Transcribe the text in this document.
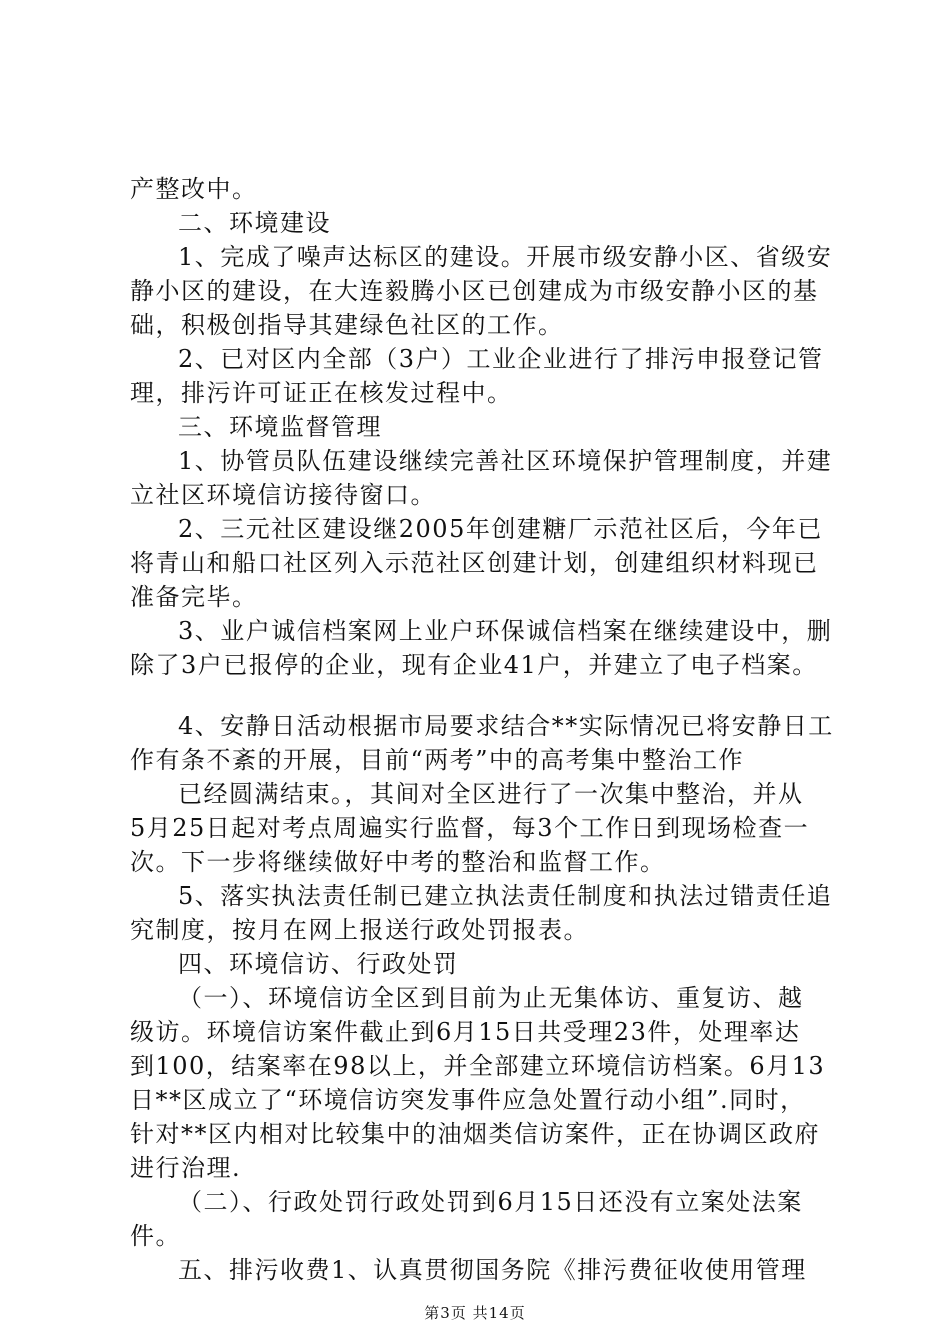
产整改中。
二、环境建设
1、完成了噪声达标区的建设。开展市级安静小区、省级安
静小区的建设，在大连毅腾小区已创建成为市级安静小区的基
础，积极创指导其建绿色社区的工作。
2、已对区内全部（3户）工业企业进行了排污申报登记管
理，排污许可证正在核发过程中。
三、环境监督管理
1、协管员队伍建设继续完善社区环境保护管理制度，并建
立社区环境信访接待窗口。
2、三元社区建设继2005年创建糖厂示范社区后，今年已
将青山和船口社区列入示范社区创建计划，创建组织材料现已
准备完毕。
3、业户诚信档案网上业户环保诚信档案在继续建设中，删
除了3户已报停的企业，现有企业41户，并建立了电子档案。
4、安静日活动根据市局要求结合**实际情况已将安静日工
作有条不紊的开展，目前“两考”中的高考集中整治工作
已经圆满结束。，其间对全区进行了一次集中整治，并从
5月25日起对考点周遍实行监督，每3个工作日到现场检查一
次。下一步将继续做好中考的整治和监督工作。
5、落实执法责任制已建立执法责任制度和执法过错责任追
究制度，按月在网上报送行政处罚报表。
四、环境信访、行政处罚
（一）、环境信访全区到目前为止无集体访、重复访、越
级访。环境信访案件截止到6月15日共受理23件，处理率达
到100，结案率在98以上，并全部建立环境信访档案。6月13
日**区成立了“环境信访突发事件应急处置行动小组”.同时，
针对**区内相对比较集中的油烟类信访案件，正在协调区政府
进行治理.
（二）、行政处罚行政处罚到6月15日还没有立案处法案
件。
五、排污收费1、认真贯彻国务院《排污费征收使用管理
第3页 共14页
